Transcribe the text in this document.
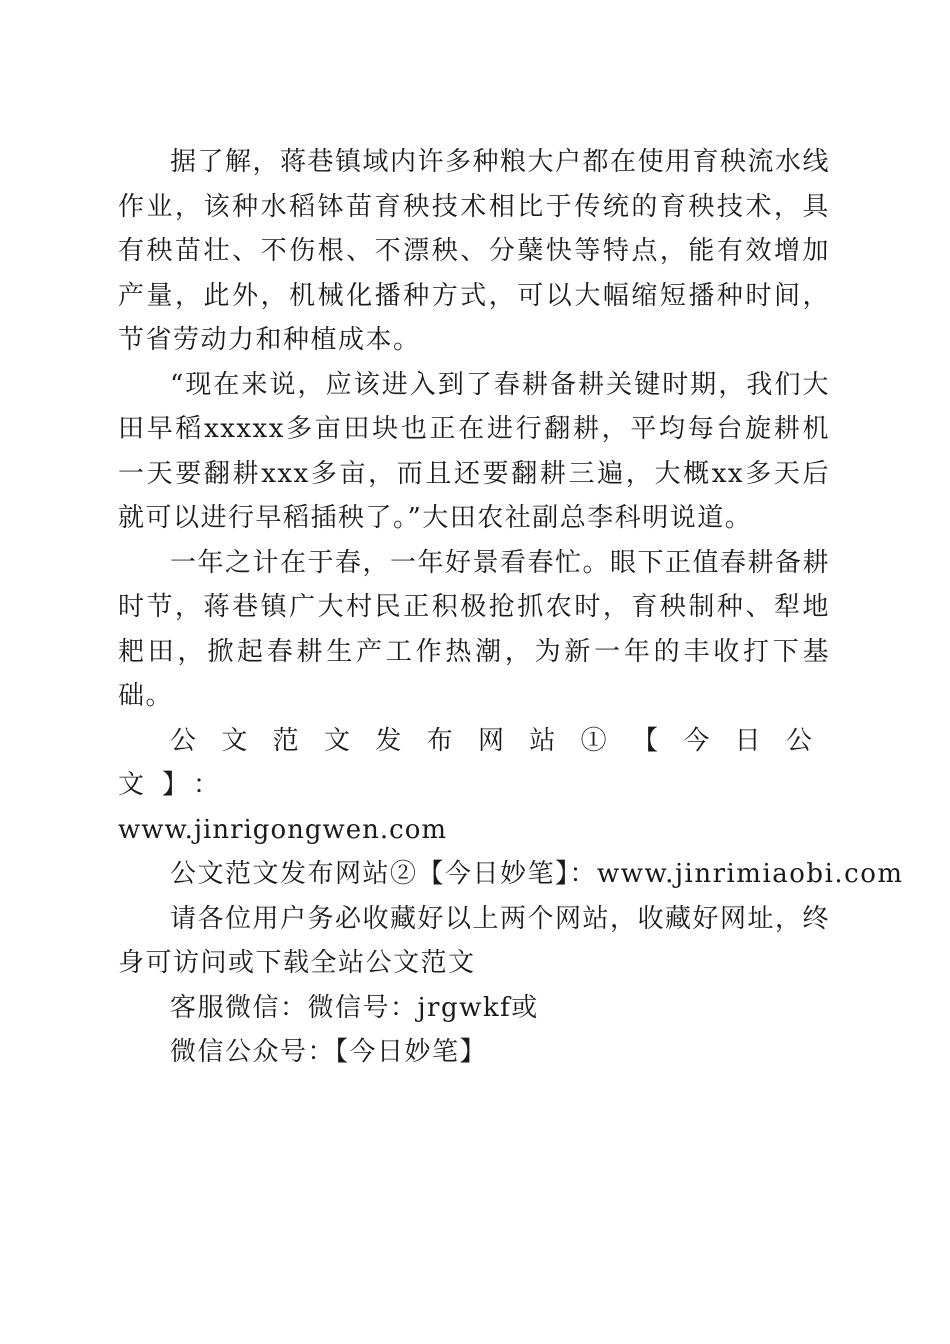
据了解，蒋巷镇域内许多种粮大户都在使用育秧流水线作业，该种水稻钵苗育秧技术相比于传统的育秧技术，具有秧苗壮、不伤根、不漂秧、分蘖快等特点，能有效增加产量，此外，机械化播种方式，可以大幅缩短播种时间，节省劳动力和种植成本。

“现在来说，应该进入到了春耕备耕关键时期，我们大田早稻xxxxx多亩田块也正在进行翻耕，平均每台旋耕机一天要翻耕xxx多亩，而且还要翻耕三遍，大概xx多天后就可以进行早稻插秧了。”大田农社副总李科明说道。

一年之计在于春，一年好景看春忙。眼下正值春耕备耕时节，蒋巷镇广大村民正积极抢抓农时，育秧制种、犁地耙田，掀起春耕生产工作热潮，为新一年的丰收打下基础。

公文范文发布网站①【今日公文】：
www.jinrigongwen.com

公文范文发布网站②【今日妙笔】：www.jinrimiaobi.com

请各位用户务必收藏好以上两个网站，收藏好网址，终身可访问或下载全站公文范文

客服微信：微信号：jrgwkf或

微信公众号：【今日妙笔】
